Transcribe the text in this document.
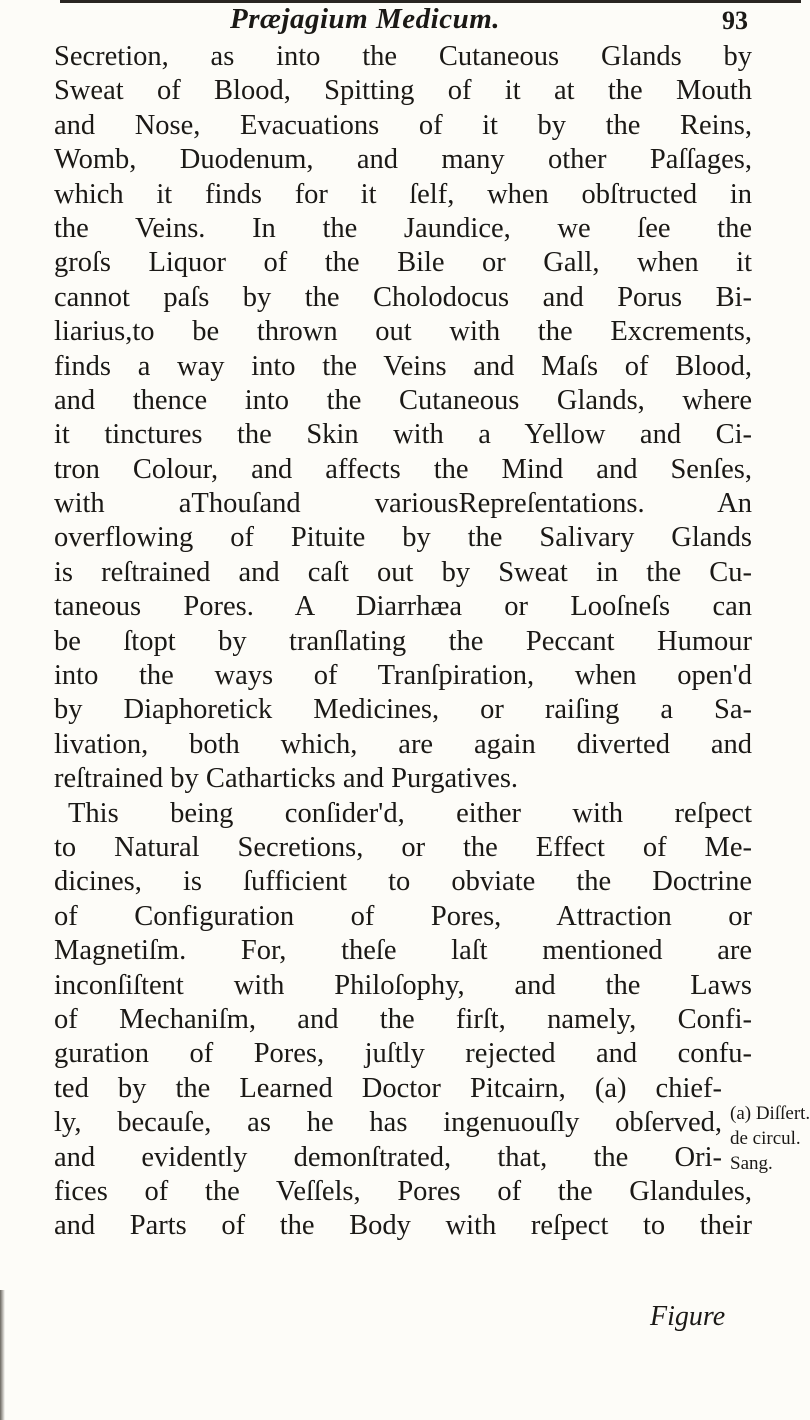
Præjagium Medicum.	93
Secretion, as into the Cutaneous Glands by
Sweat of Blood, Spitting of it at the Mouth
and Nose, Evacuations of it by the Reins,
Womb, Duodenum, and many other Paſſages,
which it finds for it ſelf, when obſtructed in
the Veins. In the Jaundice, we ſee the
groſs Liquor of the Bile or Gall, when it
cannot paſs by the Cholodocus and Porus Bi-
liarius,to be thrown out with the Excrements,
finds a way into the Veins and Maſs of Blood,
and thence into the Cutaneous Glands, where
it tinctures the Skin with a Yellow and Ci-
tron Colour, and affects the Mind and Senſes,
with aThouſand variousRepreſentations. An
overflowing of Pituite by the Salivary Glands
is reſtrained and caſt out by Sweat in the Cu-
taneous Pores. A Diarrhæa or Looſneſs can
be ſtopt by tranſlating the Peccant Humour
into the ways of Tranſpiration, when open'd
by Diaphoretick Medicines, or raiſing a Sa-
livation, both which, are again diverted and
reſtrained by Catharticks and Purgatives.
This being conſider'd, either with reſpect
to Natural Secretions, or the Effect of Me-
dicines, is ſufficient to obviate the Doctrine
of Configuration of Pores, Attraction or
Magnetiſm. For, theſe laſt mentioned are
inconſiſtent with Philoſophy, and the Laws
of Mechaniſm, and the firſt, namely, Confi-
guration of Pores, juſtly rejected and confu-
ted by the Learned Doctor Pitcairn, (a) chief-
ly, becauſe, as he has ingenuouſly obſerved,
and evidently demonſtrated, that, the Ori-
fices of the Veſſels, Pores of the Glandules,
and Parts of the Body with reſpect to their
Figure
(a) Diſſert.
de circul.
Sang.
